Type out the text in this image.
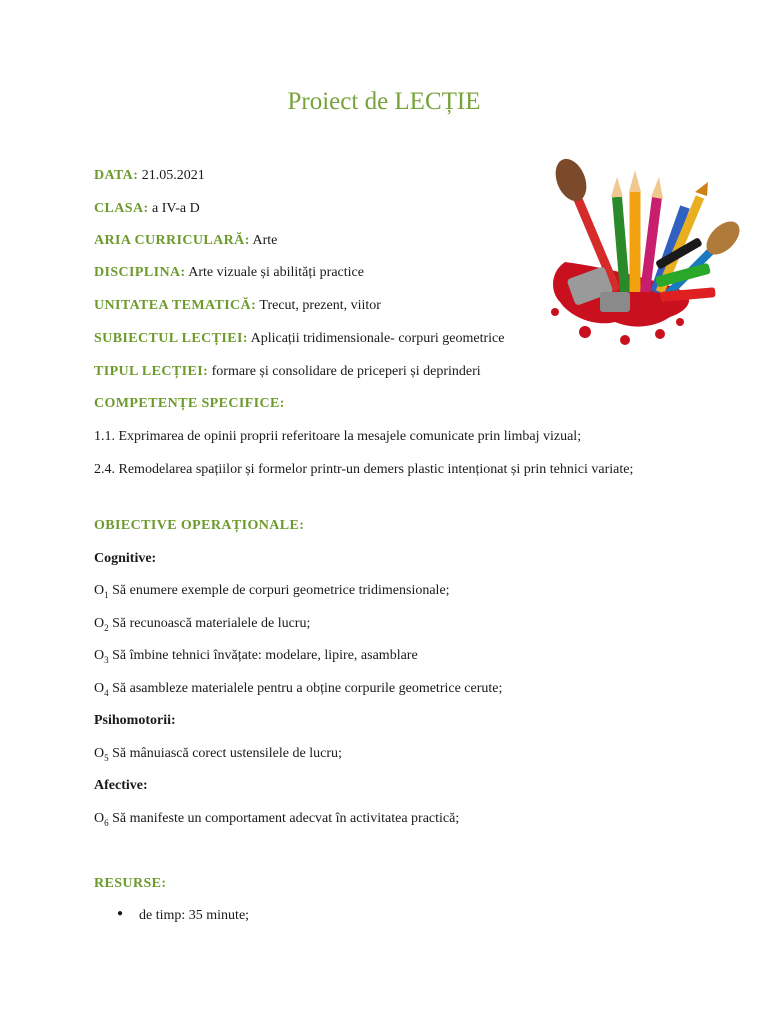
Proiect de LECȚIE
DATA: 21.05.2021
CLASA: a IV-a D
ARIA CURRICULARĂ: Arte
DISCIPLINA: Arte vizuale și abilități practice
UNITATEA TEMATICĂ: Trecut, prezent, viitor
SUBIECTUL LECȚIEI: Aplicații tridimensionale- corpuri geometrice
TIPUL LECȚIEI: formare și consolidare de priceperi și deprinderi
COMPETENȚE SPECIFICE:
1.1. Exprimarea de opinii proprii referitoare la mesajele comunicate prin limbaj vizual;
2.4. Remodelarea spațiilor și formelor printr-un demers plastic intenționat și prin tehnici variate;
OBIECTIVE OPERAȚIONALE:
Cognitive:
$O_1$ Să enumere exemple de corpuri geometrice tridimensionale;
$O_2$ Să recunoască materialele de lucru;
$O_3$ Să îmbine tehnici învățate: modelare, lipire, asamblare
$O_4$ Să asambleze materialele pentru a obține corpurile geometrice cerute;
Psihomotorii:
$O_5$ Să mânuiască corect ustensilele de lucru;
Afective:
$O_6$ Să manifeste un comportament adecvat în activitatea practică;
RESURSE:
● de timp: 35 minute;
